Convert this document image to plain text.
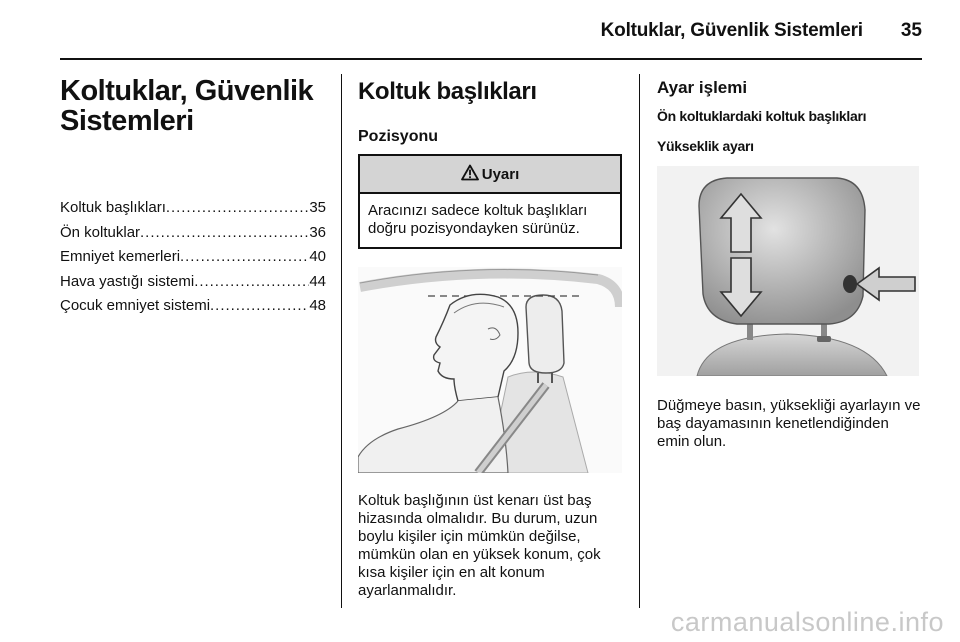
Koltuklar, Güvenlik Sistemleri 35
Koltuklar, Güvenlik
Sistemleri
Koltuk başlıkları . . .	35
Ön koltuklar . . .	36
Emniyet kemerleri . . .	40
Hava yastığı sistemi . . .	44
Çocuk emniyet sistemi . . .	48
Koltuk başlıkları
Pozisyonu
Uyarı
Aracınızı sadece koltuk başlıkları doğru pozisyondayken sürünüz.
Koltuk başlığının üst kenarı üst baş hizasında olmalıdır. Bu durum, uzun boylu kişiler için mümkün değilse, mümkün olan en yüksek konum, çok kısa kişiler için en alt konum ayarlanmalıdır.
Ayar işlemi
Ön koltuklardaki koltuk başlıkları
Yükseklik ayarı
Düğmeye basın, yüksekliği ayarlayın ve baş dayamasının kenetlendiğinden emin olun.
carmanualsonline.info
